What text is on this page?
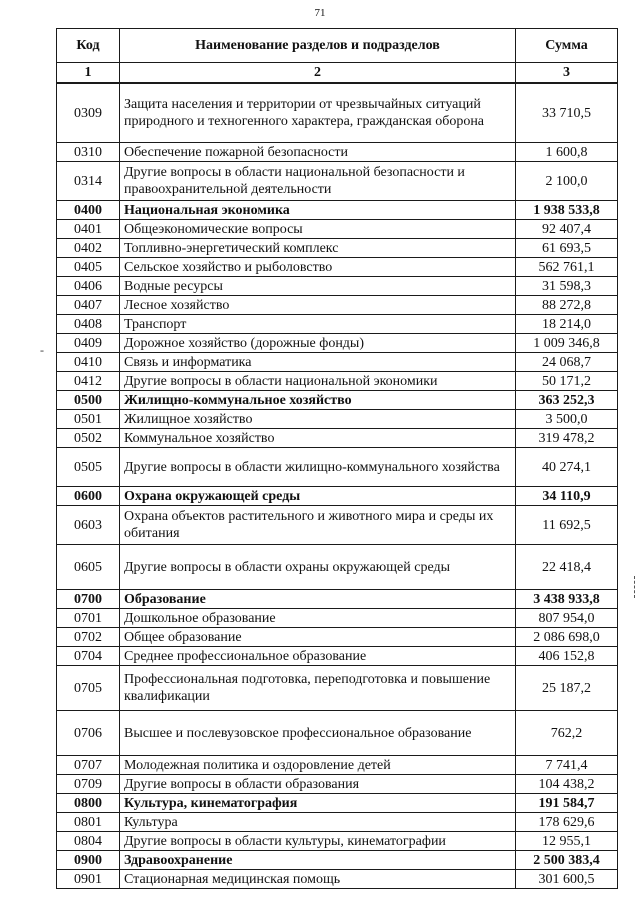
71
Код	Наименование разделов и подразделов	Сумма
1	2	3
0309	Защита населения и территории от чрезвычайных ситуаций природного и техногенного характера, гражданская оборона	33 710,5
0310	Обеспечение пожарной безопасности	1 600,8
0314	Другие вопросы в области национальной безопасности и правоохранительной деятельности	2 100,0
0400	Национальная экономика	1 938 533,8
0401	Общеэкономические вопросы	92 407,4
0402	Топливно-энергетический комплекс	61 693,5
0405	Сельское хозяйство и рыболовство	562 761,1
0406	Водные ресурсы	31 598,3
0407	Лесное хозяйство	88 272,8
0408	Транспорт	18 214,0
0409	Дорожное хозяйство (дорожные фонды)	1 009 346,8
0410	Связь и информатика	24 068,7
0412	Другие вопросы в области национальной экономики	50 171,2
0500	Жилищно-коммунальное хозяйство	363 252,3
0501	Жилищное хозяйство	3 500,0
0502	Коммунальное хозяйство	319 478,2
0505	Другие вопросы в области жилищно-коммунального хозяйства	40 274,1
0600	Охрана окружающей среды	34 110,9
0603	Охрана объектов растительного и животного мира и среды их обитания	11 692,5
0605	Другие вопросы в области охраны окружающей среды	22 418,4
0700	Образование	3 438 933,8
0701	Дошкольное образование	807 954,0
0702	Общее образование	2 086 698,0
0704	Среднее профессиональное образование	406 152,8
0705	Профессиональная подготовка, переподготовка и повышение квалификации	25 187,2
0706	Высшее и послевузовское профессиональное образование	762,2
0707	Молодежная политика и оздоровление детей	7 741,4
0709	Другие вопросы в области образования	104 438,2
0800	Культура, кинематография	191 584,7
0801	Культура	178 629,6
0804	Другие вопросы в области культуры, кинематографии	12 955,1
0900	Здравоохранение	2 500 383,4
0901	Стационарная медицинская помощь	301 600,5
-
